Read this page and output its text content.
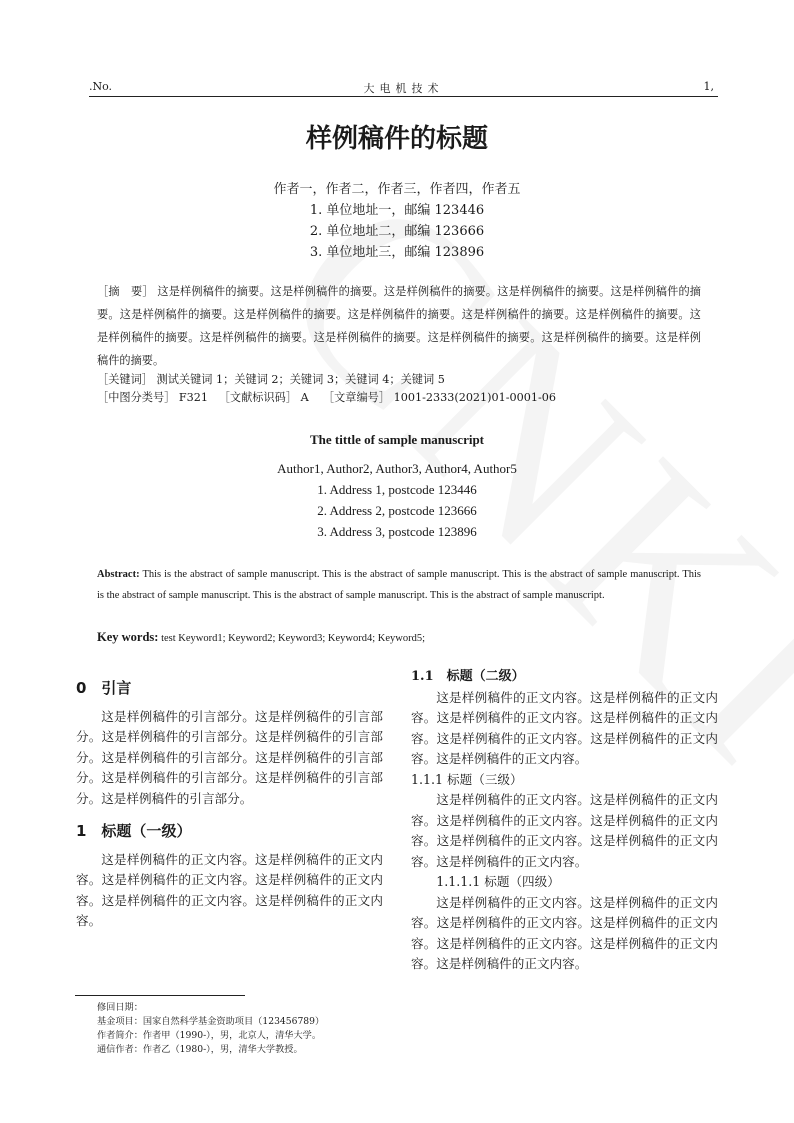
.No.	大电机技术	1,
样例稿件的标题
作者一，作者二，作者三，作者四，作者五
1. 单位地址一，邮编 123446
2. 单位地址二，邮编 123666
3. 单位地址三，邮编 123896
［摘　要］ 这是样例稿件的摘要。这是样例稿件的摘要。这是样例稿件的摘要。这是样例稿件的摘要。这是样例稿件的摘要。这是样例稿件的摘要。这是样例稿件的摘要。这是样例稿件的摘要。这是样例稿件的摘要。这是样例稿件的摘要。这是样例稿件的摘要。这是样例稿件的摘要。这是样例稿件的摘要。这是样例稿件的摘要。这是样例稿件的摘要。这是样例稿件的摘要。
［关键词］ 测试关键词 1；关键词 2；关键词 3；关键词 4；关键词 5
［中图分类号］ F321 ［文献标识码］ A ［文章编号］ 1001-2333(2021)01-0001-06
The tittle of sample manuscript
Author1, Author2, Author3, Author4, Author5
1. Address 1, postcode 123446
2. Address 2, postcode 123666
3. Address 3, postcode 123896
Abstract: This is the abstract of sample manuscript. This is the abstract of sample manuscript. This is the abstract of sample manuscript. This is the abstract of sample manuscript. This is the abstract of sample manuscript. This is the abstract of sample manuscript.
Key words: test Keyword1; Keyword2; Keyword3; Keyword4; Keyword5;
0　引言

这是样例稿件的引言部分。这是样例稿件的引言部分。这是样例稿件的引言部分。这是样例稿件的引言部分。这是样例稿件的引言部分。这是样例稿件的引言部分。这是样例稿件的引言部分。这是样例稿件的引言部分。这是样例稿件的引言部分。

1　标题（一级）

这是样例稿件的正文内容。这是样例稿件的正文内容。这是样例稿件的正文内容。这是样例稿件的正文内容。这是样例稿件的正文内容。这是样例稿件的正文内容。

1.1　标题（二级）

这是样例稿件的正文内容。这是样例稿件的正文内容。这是样例稿件的正文内容。这是样例稿件的正文内容。这是样例稿件的正文内容。这是样例稿件的正文内容。这是样例稿件的正文内容。

1.1.1 标题（三级）

这是样例稿件的正文内容。这是样例稿件的正文内容。这是样例稿件的正文内容。这是样例稿件的正文内容。这是样例稿件的正文内容。这是样例稿件的正文内容。这是样例稿件的正文内容。

1.1.1.1 标题（四级）

这是样例稿件的正文内容。这是样例稿件的正文内容。这是样例稿件的正文内容。这是样例稿件的正文内容。这是样例稿件的正文内容。这是样例稿件的正文内容。这是样例稿件的正文内容。

修回日期：
基金项目：国家自然科学基金资助项目（123456789）
作者简介：作者甲（1990-），男，北京人，清华大学。
通信作者：作者乙（1980-），男，清华大学教授。
